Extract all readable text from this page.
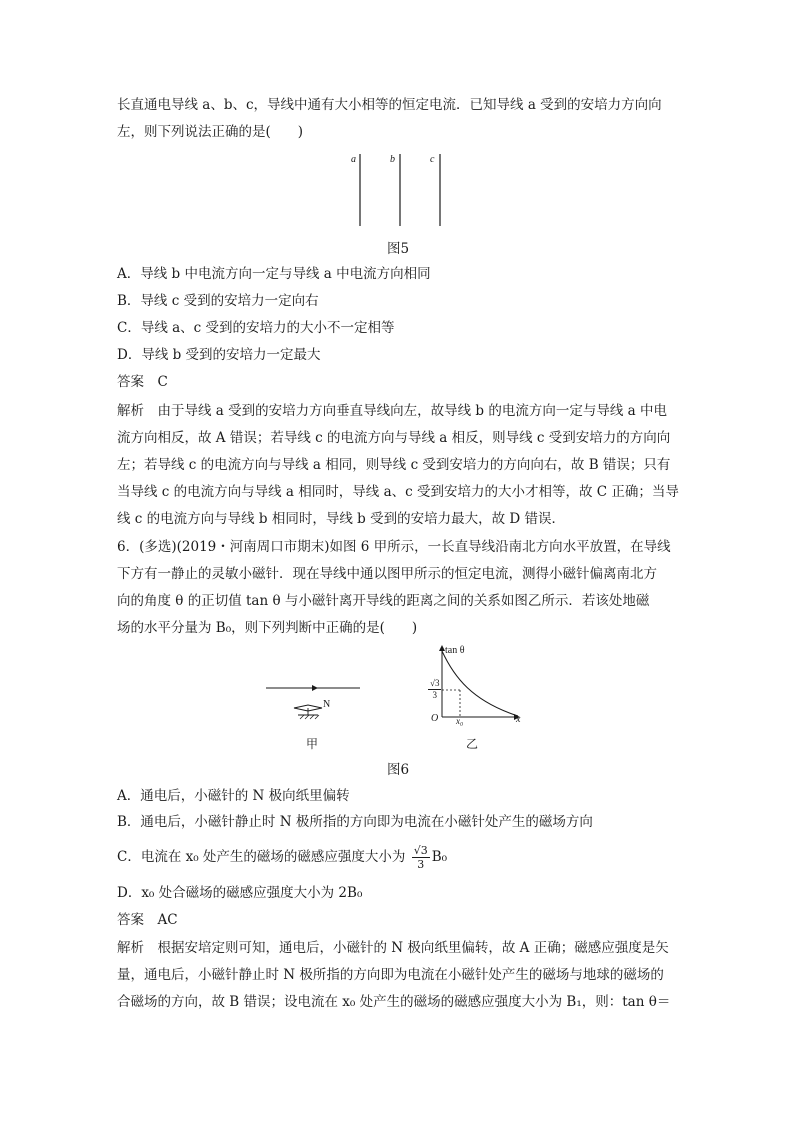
长直通电导线 a、b、c，导线中通有大小相等的恒定电流．已知导线 a 受到的安培力方向向
左，则下列说法正确的是(　　)
a	b	c
图5
A．导线 b 中电流方向一定与导线 a 中电流方向相同
B．导线 c 受到的安培力一定向右
C．导线 a、c 受到的安培力的大小不一定相等
D．导线 b 受到的安培力一定最大
答案　C
解析　由于导线 a 受到的安培力方向垂直导线向左，故导线 b 的电流方向一定与导线 a 中电
流方向相反，故 A 错误；若导线 c 的电流方向与导线 a 相反，则导线 c 受到安培力的方向向
左；若导线 c 的电流方向与导线 a 相同，则导线 c 受到安培力的方向向右，故 B 错误；只有
当导线 c 的电流方向与导线 a 相同时，导线 a、c 受到安培力的大小才相等，故 C 正确；当导
线 c 的电流方向与导线 b 相同时，导线 b 受到的安培力最大，故 D 错误．
6．(多选)(2019・河南周口市期末)如图 6 甲所示，一长直导线沿南北方向水平放置，在导线
下方有一静止的灵敏小磁针．现在导线中通以图甲所示的恒定电流，测得小磁针偏离南北方
向的角度 θ 的正切值 tan θ 与小磁针离开导线的距离之间的关系如图乙所示．若该处地磁
场的水平分量为 B₀，则下列判断中正确的是(　　)
N
甲
tan θ
$\frac{√3}{3}$
O x₀	x
乙
图6
A．通电后，小磁针的 N 极向纸里偏转
B．通电后，小磁针静止时 N 极所指的方向即为电流在小磁针处产生的磁场方向
C．电流在 x₀ 处产生的磁场的磁感应强度大小为 $\frac{√3}{3} B_0$
D．x₀ 处合磁场的磁感应强度大小为 2B₀
答案　AC
解析　根据安培定则可知，通电后，小磁针的 N 极向纸里偏转，故 A 正确；磁感应强度是矢
量，通电后，小磁针静止时 N 极所指的方向即为电流在小磁针处产生的磁场与地球的磁场的
合磁场的方向，故 B 错误；设电流在 x₀ 处产生的磁场的磁感应强度大小为 B₁，则：tan θ＝
